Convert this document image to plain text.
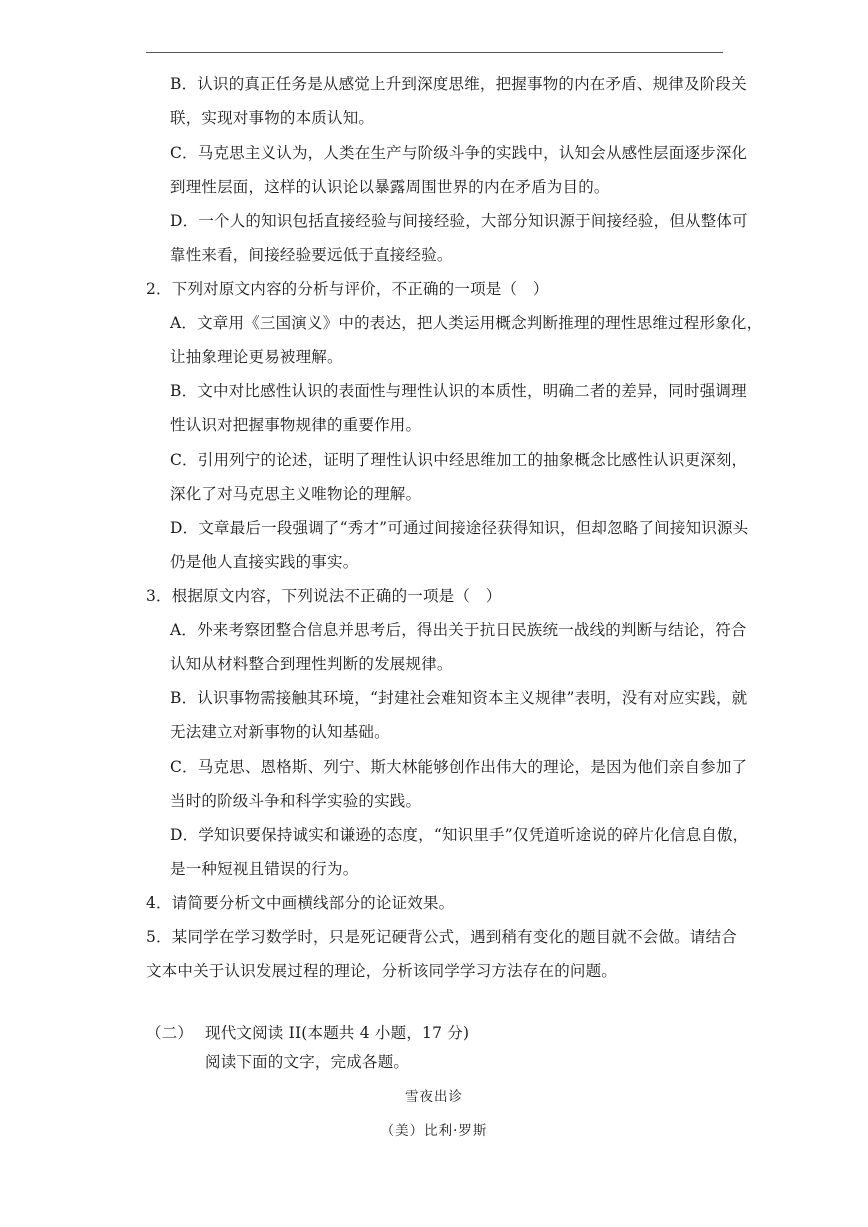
B．认识的真正任务是从感觉上升到深度思维，把握事物的内在矛盾、规律及阶段关
联，实现对事物的本质认知。
C．马克思主义认为，人类在生产与阶级斗争的实践中，认知会从感性层面逐步深化
到理性层面，这样的认识论以暴露周围世界的内在矛盾为目的。
D．一个人的知识包括直接经验与间接经验，大部分知识源于间接经验，但从整体可
靠性来看，间接经验要远低于直接经验。
2．下列对原文内容的分析与评价，不正确的一项是（　）
A．文章用《三国演义》中的表达，把人类运用概念判断推理的理性思维过程形象化，
让抽象理论更易被理解。
B．文中对比感性认识的表面性与理性认识的本质性，明确二者的差异，同时强调理
性认识对把握事物规律的重要作用。
C．引用列宁的论述，证明了理性认识中经思维加工的抽象概念比感性认识更深刻，
深化了对马克思主义唯物论的理解。
D．文章最后一段强调了“秀才”可通过间接途径获得知识，但却忽略了间接知识源头
仍是他人直接实践的事实。
3．根据原文内容，下列说法不正确的一项是（　）
A．外来考察团整合信息并思考后，得出关于抗日民族统一战线的判断与结论，符合
认知从材料整合到理性判断的发展规律。
B．认识事物需接触其环境，“封建社会难知资本主义规律”表明，没有对应实践，就
无法建立对新事物的认知基础。
C．马克思、恩格斯、列宁、斯大林能够创作出伟大的理论，是因为他们亲自参加了
当时的阶级斗争和科学实验的实践。
D．学知识要保持诚实和谦逊的态度，“知识里手”仅凭道听途说的碎片化信息自傲，
是一种短视且错误的行为。
4．请简要分析文中画横线部分的论证效果。
5．某同学在学习数学时，只是死记硬背公式，遇到稍有变化的题目就不会做。请结合
文本中关于认识发展过程的理论，分析该同学学习方法存在的问题。
（二） 现代文阅读 II(本题共 4 小题，17 分)
阅读下面的文字，完成各题。
雪夜出诊
（美）比利·罗斯
